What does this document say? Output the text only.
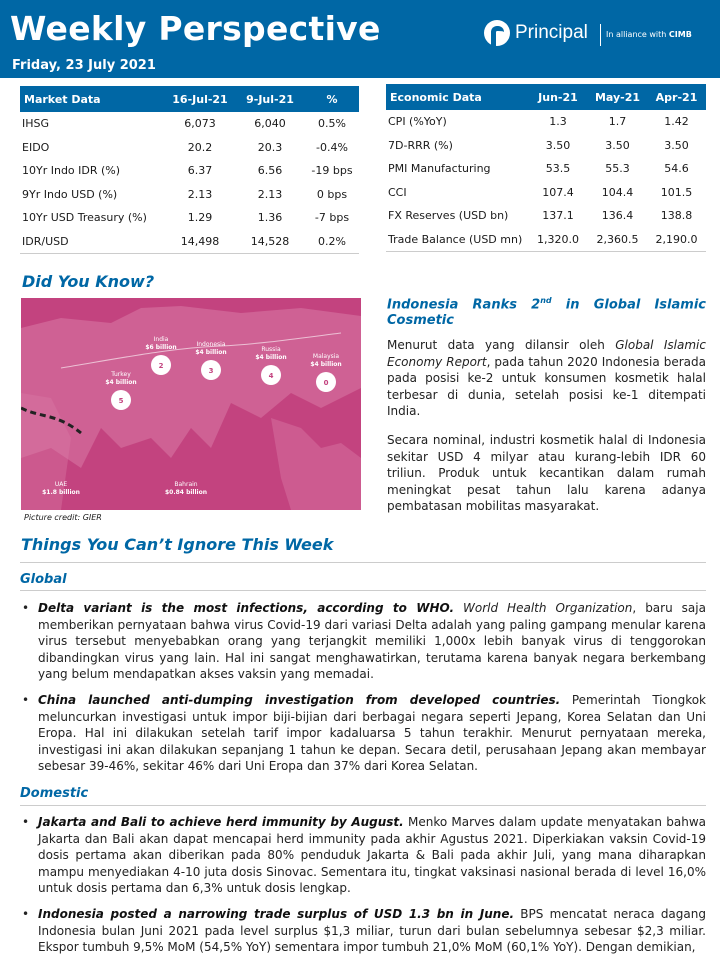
Weekly Perspective
Friday, 23 July 2021
Principal In alliance with CIMB
Market Data	16-Jul-21	9-Jul-21	%
IHSG	6,073	6,040	0.5%
EIDO	20.2	20.3	-0.4%
10Yr Indo IDR (%)	6.37	6.56	-19 bps
9Yr Indo USD (%)	2.13	2.13	0 bps
10Yr USD Treasury (%)	1.29	1.36	-7 bps
IDR/USD	14,498	14,528	0.2%
Economic Data	Jun-21	May-21	Apr-21
CPI (%YoY)	1.3	1.7	1.42
7D-RRR (%)	3.50	3.50	3.50
PMI Manufacturing	53.5	55.3	54.6
CCI	107.4	104.4	101.5
FX Reserves (USD bn)	137.1	136.4	138.8
Trade Balance (USD mn)	1,320.0	2,360.5	2,190.0
Did You Know?
2
India
$6 billion
3
Indonesia
$4 billion
4
Russia
$4 billion
0
Malaysia
$4 billion
5
Turkey
$4 billion
UAE
$1.8 billion
Bahrain
$0.84 billion
Picture credit: GIER
Indonesia Ranks 2nd in Global Islamic
Cosmetic
Menurut data yang dilansir oleh Global Islamic Economy Report, pada tahun 2020 Indonesia berada pada posisi ke-2 untuk konsumen kosmetik halal terbesar di dunia, setelah posisi ke-1 ditempati India.
Secara nominal, industri kosmetik halal di Indonesia sekitar USD 4 milyar atau kurang-lebih IDR 60 triliun. Produk untuk kecantikan dalam rumah meningkat pesat tahun lalu karena adanya pembatasan mobilitas masyarakat.
Things You Can’t Ignore This Week
Global
• Delta variant is the most infections, according to WHO. World Health Organization, baru saja memberikan pernyataan bahwa virus Covid-19 dari variasi Delta adalah yang paling gampang menular karena virus tersebut menyebabkan orang yang terjangkit memiliki 1,000x lebih banyak virus di tenggorokan dibandingkan virus yang lain. Hal ini sangat menghawatirkan, terutama karena banyak negara berkembang yang belum mendapatkan akses vaksin yang memadai.
• China launched anti-dumping investigation from developed countries. Pemerintah Tiongkok meluncurkan investigasi untuk impor biji-bijian dari berbagai negara seperti Jepang, Korea Selatan dan Uni Eropa. Hal ini dilakukan setelah tarif impor kadaluarsa 5 tahun terakhir. Menurut pernyataan mereka, investigasi ini akan dilakukan sepanjang 1 tahun ke depan. Secara detil, perusahaan Jepang akan membayar sebesar 39-46%, sekitar 46% dari Uni Eropa dan 37% dari Korea Selatan.
Domestic
• Jakarta and Bali to achieve herd immunity by August. Menko Marves dalam update menyatakan bahwa Jakarta dan Bali akan dapat mencapai herd immunity pada akhir Agustus 2021. Diperkiakan vaksin Covid-19 dosis pertama akan diberikan pada 80% penduduk Jakarta & Bali pada akhir Juli, yang mana diharapkan mampu menyediakan 4-10 juta dosis Sinovac. Sementara itu, tingkat vaksinasi nasional berada di level 16,0% untuk dosis pertama dan 6,3% untuk dosis lengkap.
• Indonesia posted a narrowing trade surplus of USD 1.3 bn in June. BPS mencatat neraca dagang Indonesia bulan Juni 2021 pada level surplus $1,3 miliar, turun dari bulan sebelumnya sebesar $2,3 miliar. Ekspor tumbuh 9,5% MoM (54,5% YoY) sementara impor tumbuh 21,0% MoM (60,1% YoY). Dengan demikian,
